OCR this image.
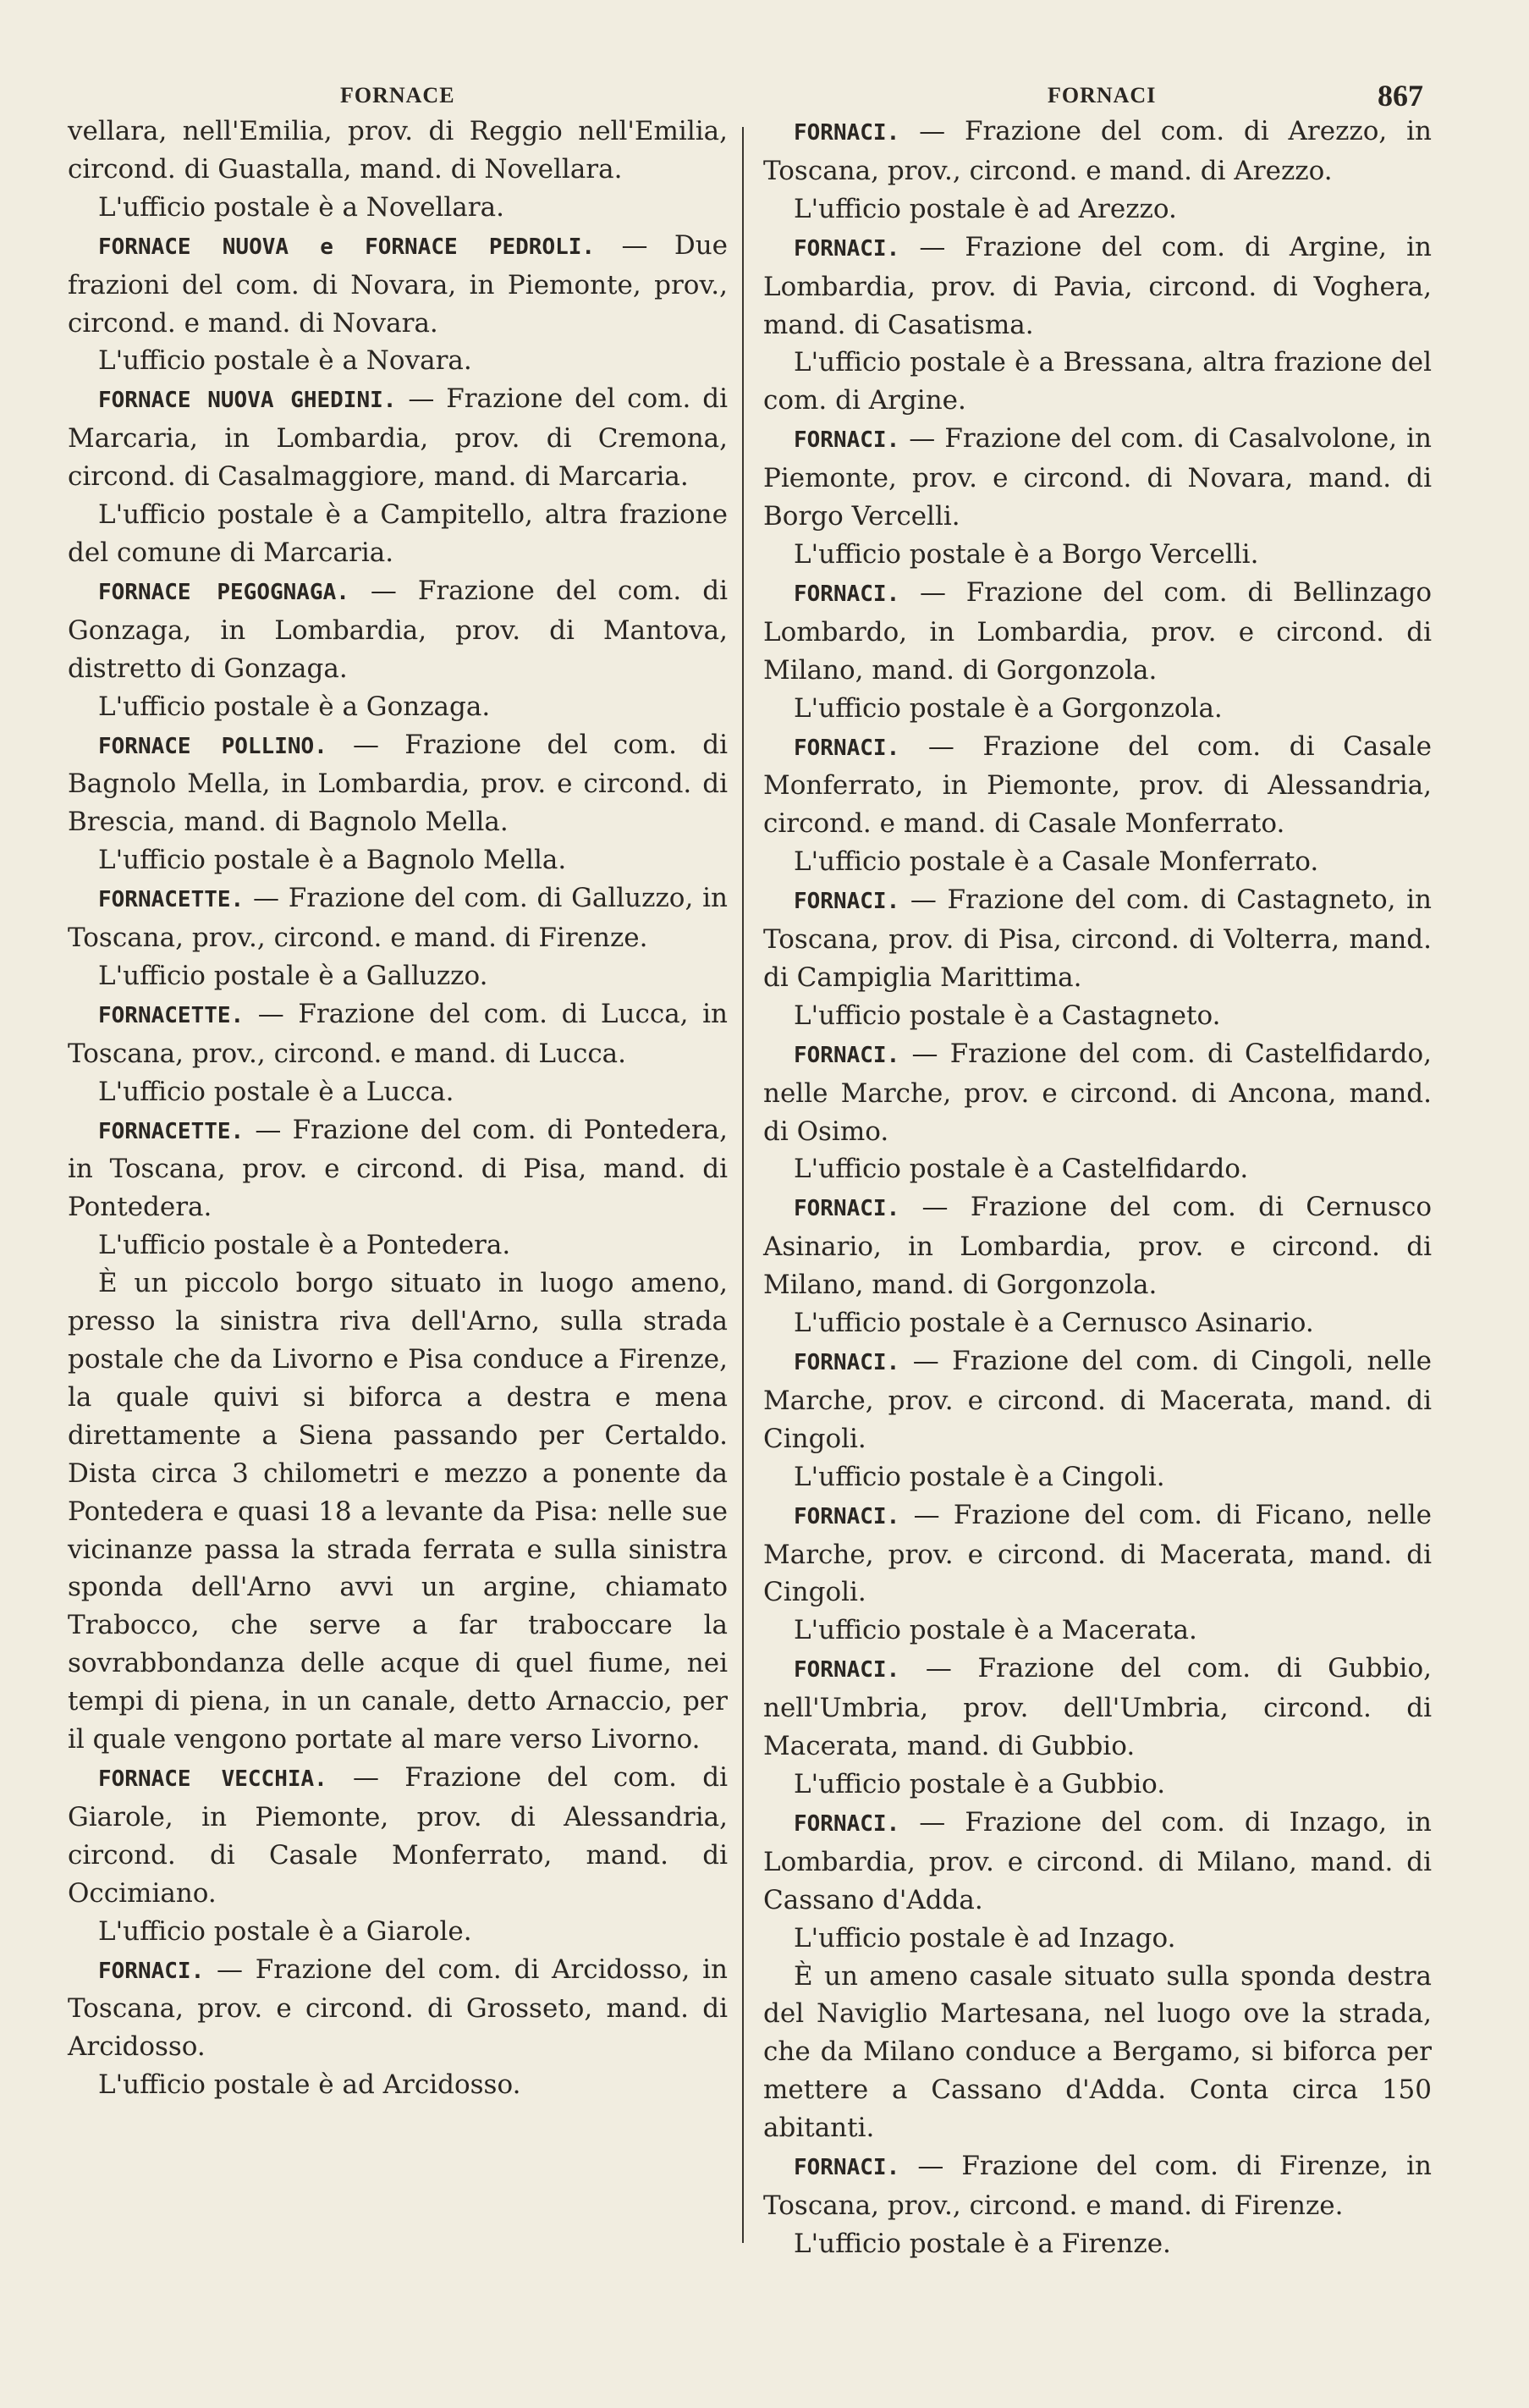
FORNACE	FORNACI	867

vellara, nell'Emilia, prov. di Reggio nell'Emilia, circond. di Guastalla, mand. di Novellara.

L'ufficio postale è a Novellara.

FORNACE NUOVA e FORNACE PEDROLI. — Due frazioni del com. di Novara, in Piemonte, prov., circond. e mand. di Novara.

L'ufficio postale è a Novara.

FORNACE NUOVA GHEDINI. — Frazione del com. di Marcaria, in Lombardia, prov. di Cremona, circond. di Casalmaggiore, mand. di Marcaria.

L'ufficio postale è a Campitello, altra frazione del comune di Marcaria.

FORNACE PEGOGNAGA. — Frazione del com. di Gonzaga, in Lombardia, prov. di Mantova, distretto di Gonzaga.

L'ufficio postale è a Gonzaga.

FORNACE POLLINO. — Frazione del com. di Bagnolo Mella, in Lombardia, prov. e circond. di Brescia, mand. di Bagnolo Mella.

L'ufficio postale è a Bagnolo Mella.

FORNACETTE. — Frazione del com. di Galluzzo, in Toscana, prov., circond. e mand. di Firenze.

L'ufficio postale è a Galluzzo.

FORNACETTE. — Frazione del com. di Lucca, in Toscana, prov., circond. e mand. di Lucca.

L'ufficio postale è a Lucca.

FORNACETTE. — Frazione del com. di Pontedera, in Toscana, prov. e circond. di Pisa, mand. di Pontedera.

L'ufficio postale è a Pontedera.

È un piccolo borgo situato in luogo ameno, presso la sinistra riva dell'Arno, sulla strada postale che da Livorno e Pisa conduce a Firenze, la quale quivi si biforca a destra e mena direttamente a Siena passando per Certaldo. Dista circa 3 chilometri e mezzo a ponente da Pontedera e quasi 18 a levante da Pisa: nelle sue vicinanze passa la strada ferrata e sulla sinistra sponda dell'Arno avvi un argine, chiamato Trabocco, che serve a far traboccare la sovrabbondanza delle acque di quel fiume, nei tempi di piena, in un canale, detto Arnaccio, per il quale vengono portate al mare verso Livorno.

FORNACE VECCHIA. — Frazione del com. di Giarole, in Piemonte, prov. di Alessandria, circond. di Casale Monferrato, mand. di Occimiano.

L'ufficio postale è a Giarole.

FORNACI. — Frazione del com. di Arcidosso, in Toscana, prov. e circond. di Grosseto, mand. di Arcidosso.

L'ufficio postale è ad Arcidosso.

FORNACI. — Frazione del com. di Arezzo, in Toscana, prov., circond. e mand. di Arezzo.

L'ufficio postale è ad Arezzo.

FORNACI. — Frazione del com. di Argine, in Lombardia, prov. di Pavia, circond. di Voghera, mand. di Casatisma.

L'ufficio postale è a Bressana, altra frazione del com. di Argine.

FORNACI. — Frazione del com. di Casalvolone, in Piemonte, prov. e circond. di Novara, mand. di Borgo Vercelli.

L'ufficio postale è a Borgo Vercelli.

FORNACI. — Frazione del com. di Bellinzago Lombardo, in Lombardia, prov. e circond. di Milano, mand. di Gorgonzola.

L'ufficio postale è a Gorgonzola.

FORNACI. — Frazione del com. di Casale Monferrato, in Piemonte, prov. di Alessandria, circond. e mand. di Casale Monferrato.

L'ufficio postale è a Casale Monferrato.

FORNACI. — Frazione del com. di Castagneto, in Toscana, prov. di Pisa, circond. di Volterra, mand. di Campiglia Marittima.

L'ufficio postale è a Castagneto.

FORNACI. — Frazione del com. di Castelfidardo, nelle Marche, prov. e circond. di Ancona, mand. di Osimo.

L'ufficio postale è a Castelfidardo.

FORNACI. — Frazione del com. di Cernusco Asinario, in Lombardia, prov. e circond. di Milano, mand. di Gorgonzola.

L'ufficio postale è a Cernusco Asinario.

FORNACI. — Frazione del com. di Cingoli, nelle Marche, prov. e circond. di Macerata, mand. di Cingoli.

L'ufficio postale è a Cingoli.

FORNACI. — Frazione del com. di Ficano, nelle Marche, prov. e circond. di Macerata, mand. di Cingoli.

L'ufficio postale è a Macerata.

FORNACI. — Frazione del com. di Gubbio, nell'Umbria, prov. dell'Umbria, circond. di Macerata, mand. di Gubbio.

L'ufficio postale è a Gubbio.

FORNACI. — Frazione del com. di Inzago, in Lombardia, prov. e circond. di Milano, mand. di Cassano d'Adda.

L'ufficio postale è ad Inzago.

È un ameno casale situato sulla sponda destra del Naviglio Martesana, nel luogo ove la strada, che da Milano conduce a Bergamo, si biforca per mettere a Cassano d'Adda. Conta circa 150 abitanti.

FORNACI. — Frazione del com. di Firenze, in Toscana, prov., circond. e mand. di Firenze.

L'ufficio postale è a Firenze.
